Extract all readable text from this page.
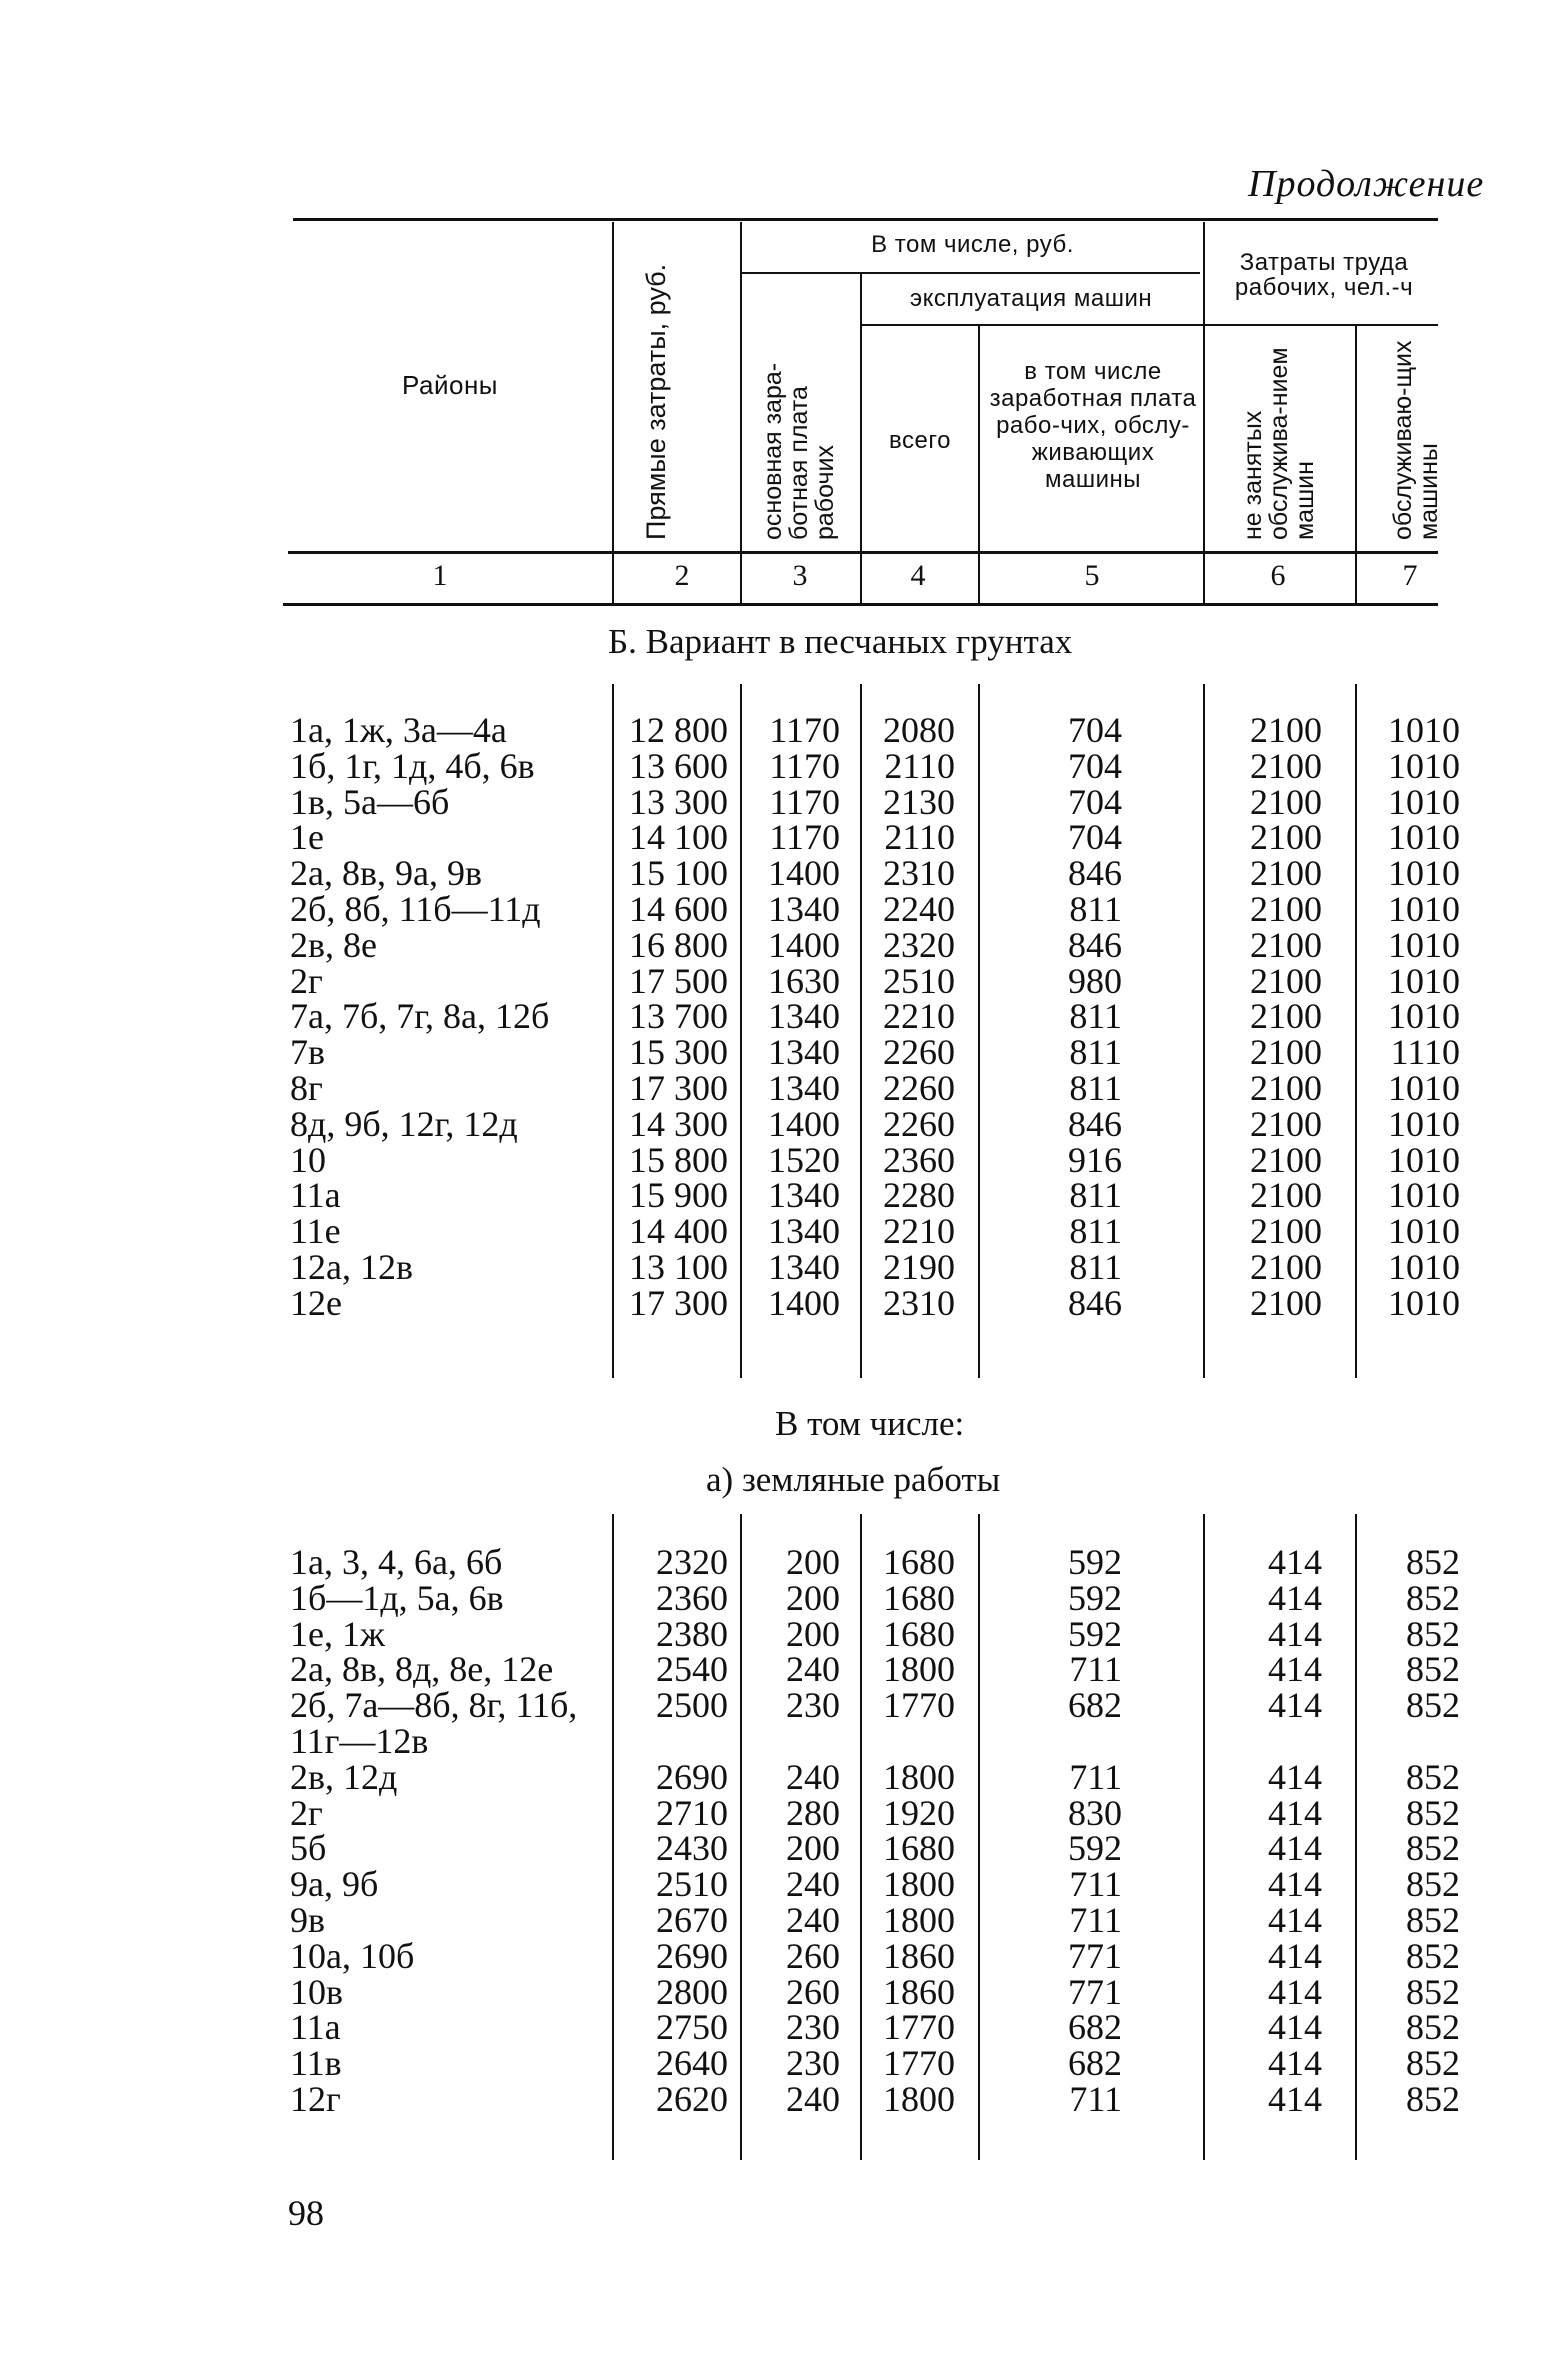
Продолжение
Районы	Прямые затраты, руб.
В том числе, руб.
основная зара-ботная плата рабочих
эксплуатация машин
всего
в том числе заработная плата рабо-чих, обслу-живающих машины
Затраты труда рабочих, чел.-ч
не занятых обслужива-нием машин	обслуживаю-щих машины
1	2	3	4	5	6	7
Б. Вариант в песчаных грунтах
1а, 1ж, 3а—4а	12 800	1170	2080	704	2100	1010
1б, 1г, 1д, 4б, 6в	13 600	1170	2110	704	2100	1010
1в, 5а—6б	13 300	1170	2130	704	2100	1010
1е	14 100	1170	2110	704	2100	1010
2а, 8в, 9а, 9в	15 100	1400	2310	846	2100	1010
2б, 8б, 11б—11д	14 600	1340	2240	811	2100	1010
2в, 8е	16 800	1400	2320	846	2100	1010
2г	17 500	1630	2510	980	2100	1010
7а, 7б, 7г, 8а, 12б	13 700	1340	2210	811	2100	1010
7в	15 300	1340	2260	811	2100	1110
8г	17 300	1340	2260	811	2100	1010
8д, 9б, 12г, 12д	14 300	1400	2260	846	2100	1010
10	15 800	1520	2360	916	2100	1010
11а	15 900	1340	2280	811	2100	1010
11е	14 400	1340	2210	811	2100	1010
12а, 12в	13 100	1340	2190	811	2100	1010
12е	17 300	1400	2310	846	2100	1010
В том числе:
а) земляные работы
1а, 3, 4, 6а, 6б	2320	200	1680	592	414	852
1б—1д, 5а, 6в	2360	200	1680	592	414	852
1е, 1ж	2380	200	1680	592	414	852
2а, 8в, 8д, 8е, 12е	2540	240	1800	711	414	852
2б, 7а—8б, 8г, 11б,	2500	230	1770	682	414	852
11г—12в
2в, 12д	2690	240	1800	711	414	852
2г	2710	280	1920	830	414	852
5б	2430	200	1680	592	414	852
9а, 9б	2510	240	1800	711	414	852
9в	2670	240	1800	711	414	852
10а, 10б	2690	260	1860	771	414	852
10в	2800	260	1860	771	414	852
11а	2750	230	1770	682	414	852
11в	2640	230	1770	682	414	852
12г	2620	240	1800	711	414	852
98
